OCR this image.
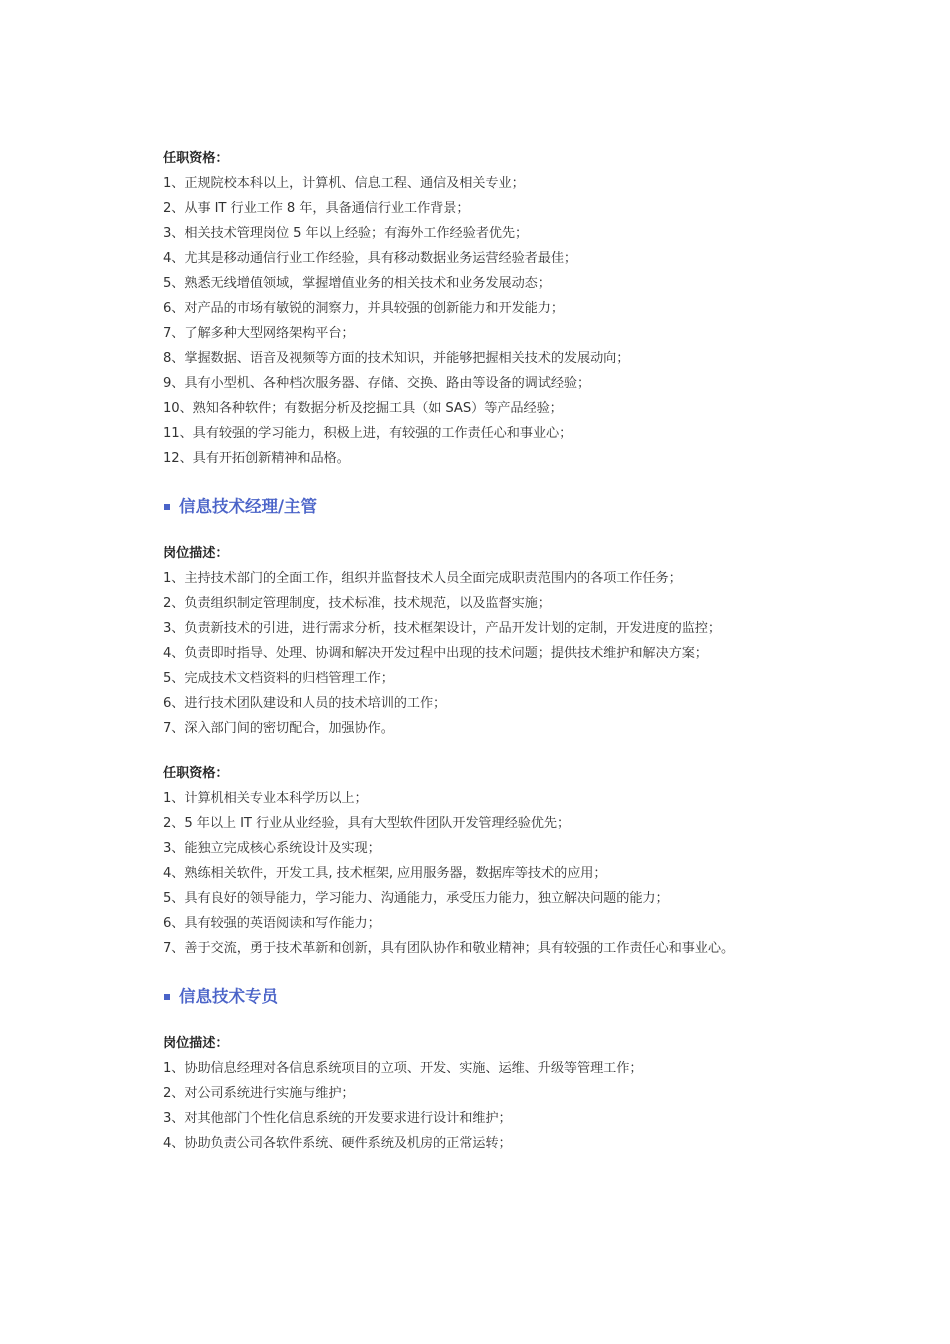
任职资格：
1、正规院校本科以上，计算机、信息工程、通信及相关专业；
2、从事 IT 行业工作 8 年，具备通信行业工作背景；
3、相关技术管理岗位 5 年以上经验；有海外工作经验者优先；
4、尤其是移动通信行业工作经验，具有移动数据业务运营经验者最佳；
5、熟悉无线增值领域，掌握增值业务的相关技术和业务发展动态；
6、对产品的市场有敏锐的洞察力，并具较强的创新能力和开发能力；
7、了解多种大型网络架构平台；
8、掌握数据、语音及视频等方面的技术知识，并能够把握相关技术的发展动向；
9、具有小型机、各种档次服务器、存储、交换、路由等设备的调试经验；
10、熟知各种软件；有数据分析及挖掘工具（如 SAS）等产品经验；
11、具有较强的学习能力，积极上进，有较强的工作责任心和事业心；
12、具有开拓创新精神和品格。
信息技术经理/主管
岗位描述：
1、主持技术部门的全面工作，组织并监督技术人员全面完成职责范围内的各项工作任务；
2、负责组织制定管理制度，技术标准，技术规范，以及监督实施；
3、负责新技术的引进，进行需求分析，技术框架设计，产品开发计划的定制，开发进度的监控；
4、负责即时指导、处理、协调和解决开发过程中出现的技术问题；提供技术维护和解决方案；
5、完成技术文档资料的归档管理工作；
6、进行技术团队建设和人员的技术培训的工作；
7、深入部门间的密切配合，加强协作。
任职资格：
1、计算机相关专业本科学历以上；
2、5 年以上 IT 行业从业经验，具有大型软件团队开发管理经验优先；
3、能独立完成核心系统设计及实现；
4、熟练相关软件，开发工具, 技术框架, 应用服务器，数据库等技术的应用；
5、具有良好的领导能力，学习能力、沟通能力，承受压力能力，独立解决问题的能力；
6、具有较强的英语阅读和写作能力；
7、善于交流，勇于技术革新和创新，具有团队协作和敬业精神；具有较强的工作责任心和事业心。
信息技术专员
岗位描述：
1、协助信息经理对各信息系统项目的立项、开发、实施、运维、升级等管理工作；
2、对公司系统进行实施与维护；
3、对其他部门个性化信息系统的开发要求进行设计和维护；
4、协助负责公司各软件系统、硬件系统及机房的正常运转；
